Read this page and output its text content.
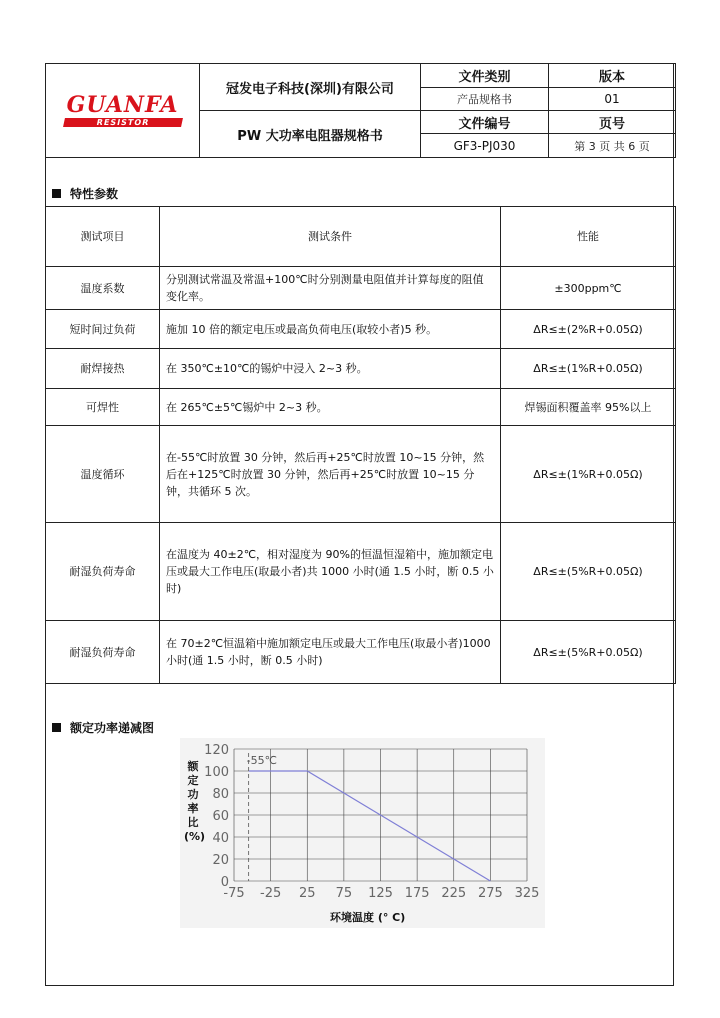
GUANFA
RESISTOR	冠发电子科技(深圳)有限公司	文件类别	版本
		产品规格书	01
	PW 大功率电阻器规格书	文件编号	页号
		GF3-PJ030	第 3 页 共 6 页
特性参数
测试项目	测试条件	性能
温度系数	分别测试常温及常温+100℃时分别测量电阻值并计算每度的阻值变化率。	±300ppm℃
短时间过负荷	施加 10 倍的额定电压或最高负荷电压(取较小者)5 秒。	ΔR≤±(2%R+0.05Ω)
耐焊接热	在 350℃±10℃的锡炉中浸入 2~3 秒。	ΔR≤±(1%R+0.05Ω)
可焊性	在 265℃±5℃锡炉中 2~3 秒。	焊锡面积覆盖率 95%以上
温度循环	在-55℃时放置 30 分钟，然后再+25℃时放置 10~15 分钟，然后在+125℃时放置 30 分钟，然后再+25℃时放置 10~15 分钟，共循环 5 次。	ΔR≤±(1%R+0.05Ω)
耐湿负荷寿命	在温度为 40±2℃，相对湿度为 90%的恒温恒湿箱中，施加额定电压或最大工作电压(取最小者)共 1000 小时(通 1.5 小时，断 0.5 小时)	ΔR≤±(5%R+0.05Ω)
耐湿负荷寿命	在 70±2℃恒温箱中施加额定电压或最大工作电压(取最小者)1000 小时(通 1.5 小时，断 0.5 小时)	ΔR≤±(5%R+0.05Ω)
额定功率递减图
额
定
功
率
比
(%)
环境温度 (° C)
0
20
40
60
80
100
120
-75 -25 25 75 125 175 225 275 325
-55℃
